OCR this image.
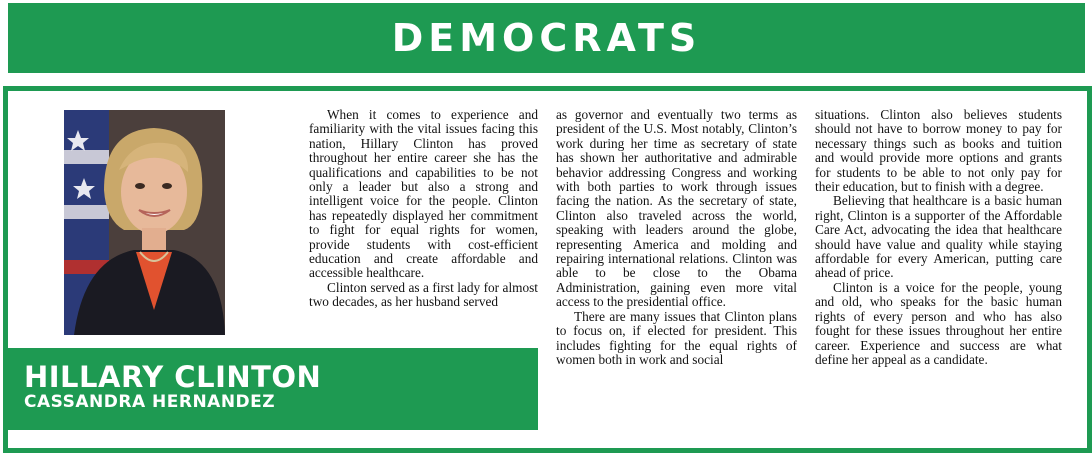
DEMOCRATS
HILLARY CLINTON
CASSANDRA HERNANDEZ

When it comes to experience and familiarity with the vital issues facing this nation, Hillary Clinton has proved throughout her entire career she has the qualifications and capabilities to be not only a leader but also a strong and intelligent voice for the people. Clinton has repeatedly displayed her commitment to fight for equal rights for women, provide students with cost-efficient education and create affordable and accessible healthcare.

Clinton served as a first lady for almost two decades, as her husband served

as governor and eventually two terms as president of the U.S. Most notably, Clinton’s work during her time as secretary of state has shown her authoritative and admirable behavior addressing Congress and working with both parties to work through issues facing the nation. As the secretary of state, Clinton also traveled across the world, speaking with leaders around the globe, representing America and molding and repairing international relations. Clinton was able to be close to the Obama Administration, gaining even more vital access to the presidential office.

There are many issues that Clinton plans to focus on, if elected for president. This includes fighting for the equal rights of women both in work and social

situations. Clinton also believes students should not have to borrow money to pay for necessary things such as books and tuition and would provide more options and grants for students to be able to not only pay for their education, but to finish with a degree.

Believing that healthcare is a basic human right, Clinton is a supporter of the Affordable Care Act, advocating the idea that healthcare should have value and quality while staying affordable for every American, putting care ahead of price.

Clinton is a voice for the people, young and old, who speaks for the basic human rights of every person and who has also fought for these issues throughout her entire career. Experience and success are what define her appeal as a candidate.
